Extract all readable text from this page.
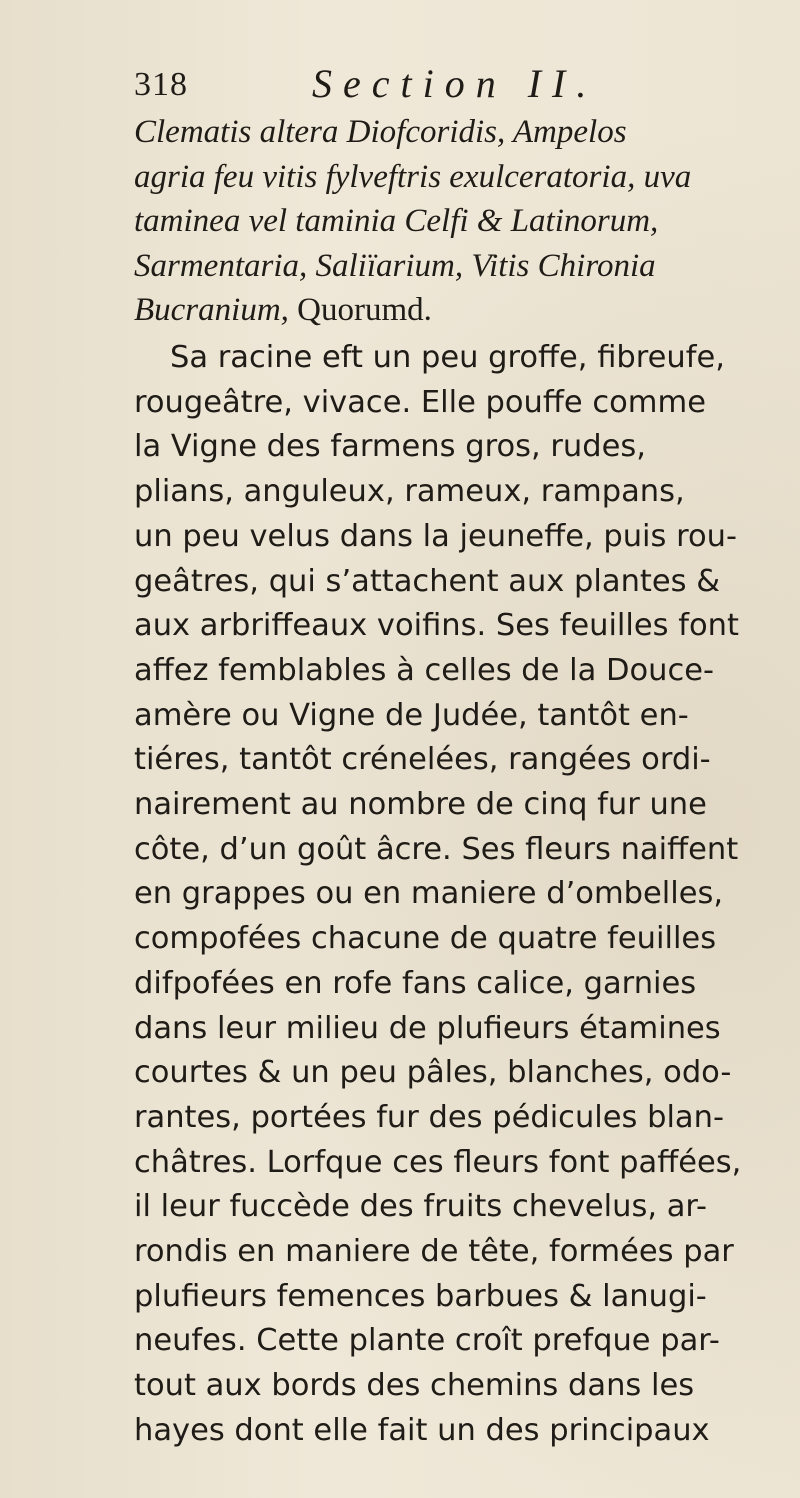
318	Section II.
Clematis altera Diofcoridis, Ampelos
agria feu vitis fylveftris exulceratoria, uva
taminea vel taminia Celfi & Latinorum,
Sarmentaria, Saliïarium, Vitis Chironia
Bucranium, Quorumd.
Sa racine eft un peu groffe, fibreufe,
rougeâtre, vivace. Elle pouffe comme
la Vigne des farmens gros, rudes,
plians, anguleux, rameux, rampans,
un peu velus dans la jeuneffe, puis rou-
geâtres, qui s’attachent aux plantes &
aux arbriffeaux voifins. Ses feuilles font
affez femblables à celles de la Douce-
amère ou Vigne de Judée, tantôt en-
tiéres, tantôt crénelées, rangées ordi-
nairement au nombre de cinq fur une
côte, d’un goût âcre. Ses fleurs naiffent
en grappes ou en maniere d’ombelles,
compofées chacune de quatre feuilles
difpofées en rofe fans calice, garnies
dans leur milieu de plufieurs étamines
courtes & un peu pâles, blanches, odo-
rantes, portées fur des pédicules blan-
châtres. Lorfque ces fleurs font paffées,
il leur fuccède des fruits chevelus, ar-
rondis en maniere de tête, formées par
plufieurs femences barbues & lanugi-
neufes. Cette plante croît prefque par-
tout aux bords des chemins dans les
hayes dont elle fait un des principaux
